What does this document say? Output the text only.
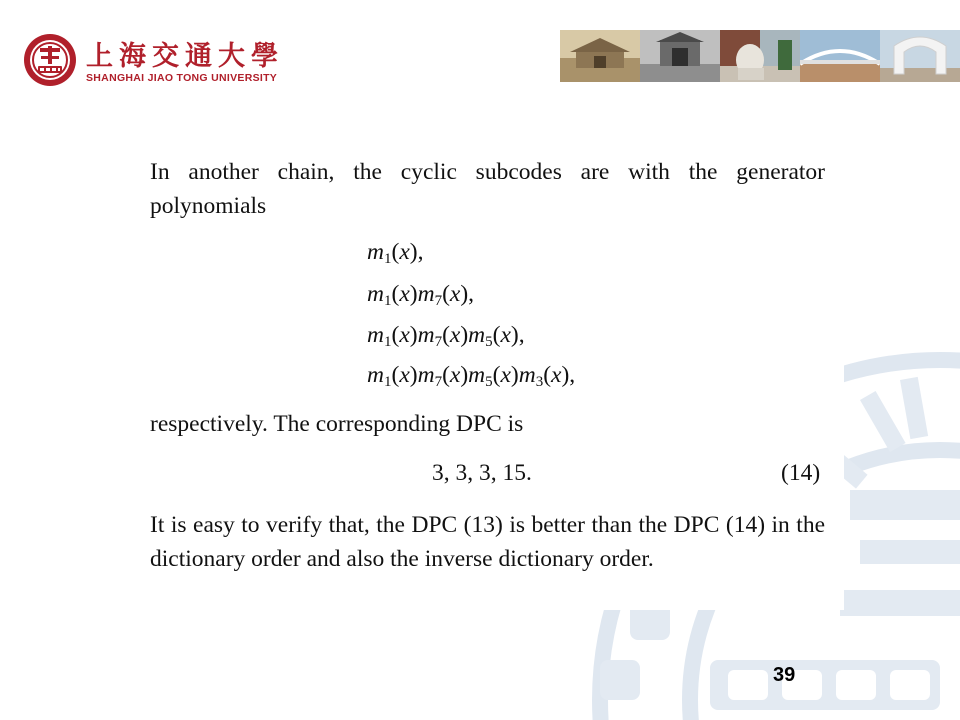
上海交通大學
SHANGHAI JIAO TONG UNIVERSITY

In another chain, the cyclic subcodes are with the generator polynomials

$m_1(x)$,
$m_1(x)m_7(x)$,
$m_1(x)m_7(x)m_5(x)$,
$m_1(x)m_7(x)m_5(x)m_3(x)$,

respectively. The corresponding DPC is

3, 3, 3, 15.	(14)

It is easy to verify that, the DPC (13) is better than the DPC (14) in the dictionary order and also the inverse dictionary order.

39
